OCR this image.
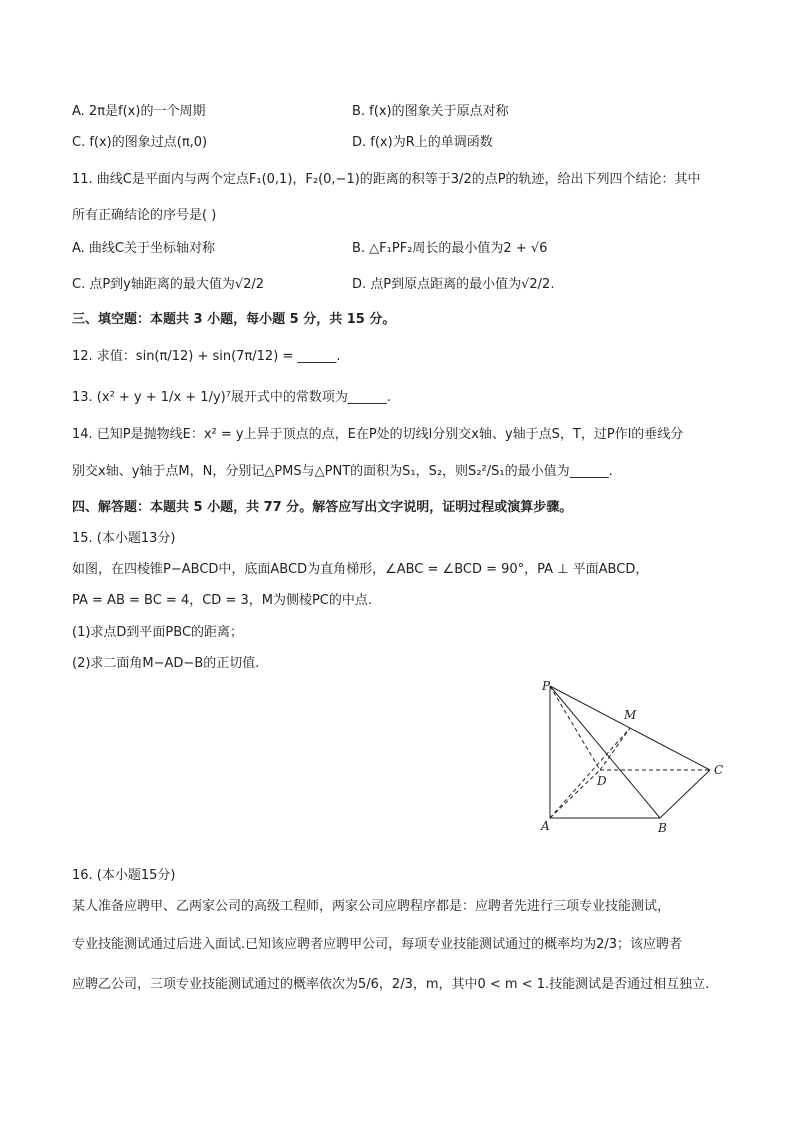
A. 2π是f(x)的一个周期	B. f(x)的图象关于原点对称
C. f(x)的图象过点(π,0)	D. f(x)为R上的单调函数
11. 曲线C是平面内与两个定点F₁(0,1)，F₂(0,−1)的距离的积等于3/2的点P的轨迹，给出下列四个结论：其中
所有正确结论的序号是( )
A. 曲线C关于坐标轴对称	B. △F₁PF₂周长的最小值为2 + √6
C. 点P到y轴距离的最大值为√2/2	D. 点P到原点距离的最小值为√2/2.
三、填空题：本题共 3 小题，每小题 5 分，共 15 分。
12. 求值：sin(π/12) + sin(7π/12) = ______.
13. (x² + y + 1/x + 1/y)⁷展开式中的常数项为______.
14. 已知P是抛物线E：x² = y上异于顶点的点，E在P处的切线l分别交x轴、y轴于点S，T，过P作l的垂线分
别交x轴、y轴于点M，N，分别记△PMS与△PNT的面积为S₁，S₂，则S₂²/S₁的最小值为______.
四、解答题：本题共 5 小题，共 77 分。解答应写出文字说明，证明过程或演算步骤。
15. (本小题13分)
如图，在四棱锥P−ABCD中，底面ABCD为直角梯形，∠ABC = ∠BCD = 90°，PA ⊥ 平面ABCD，
PA = AB = BC = 4，CD = 3，M为侧棱PC的中点.
(1)求点D到平面PBC的距离；
(2)求二面角M−AD−B的正切值.
P
M
D
C
A	B
16. (本小题15分)
某人准备应聘甲、乙两家公司的高级工程师，两家公司应聘程序都是：应聘者先进行三项专业技能测试，
专业技能测试通过后进入面试.已知该应聘者应聘甲公司，每项专业技能测试通过的概率均为2/3；该应聘者
应聘乙公司，三项专业技能测试通过的概率依次为5/6，2/3，m，其中0 < m < 1.技能测试是否通过相互独立.
